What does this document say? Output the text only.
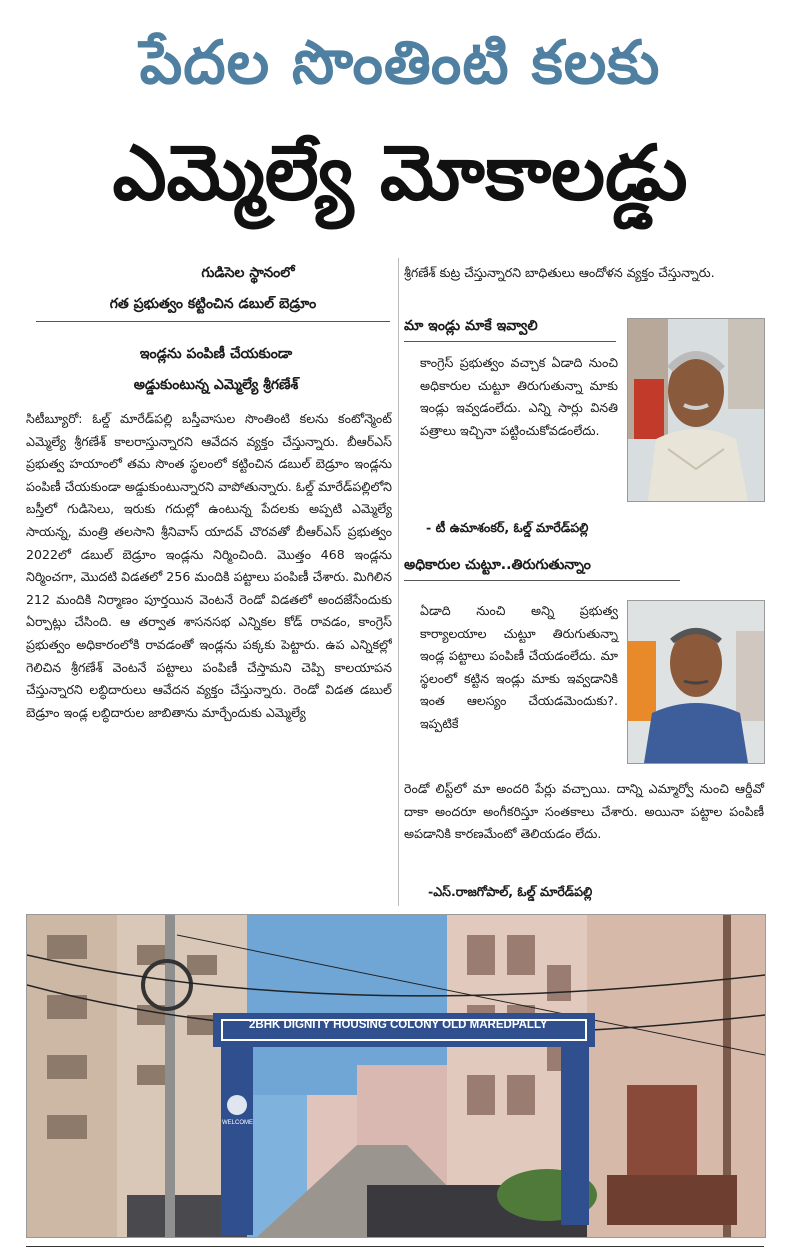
పేదల సొంతింటి కలకు
ఎమ్మెల్యే మోకాలడ్డు
గుడిసెల స్థానంలో
గత ప్రభుత్వం కట్టించిన డబుల్ బెడ్రూం
ఇండ్లను పంపిణీ చేయకుండా
అడ్డుకుంటున్న ఎమ్మెల్యే శ్రీగణేశ్

సిటీబ్యూరో: ఓల్డ్ మారేడ్‌పల్లి బస్తీవాసుల సొంతింటి కలను కంటోన్మెంట్ ఎమ్మెల్యే శ్రీగణేశ్ కాలరాస్తున్నారని ఆవేదన వ్యక్తం చేస్తున్నారు. బీఆర్ఎస్ ప్రభుత్వ హయాంలో తమ సొంత స్థలంలో కట్టించిన డబుల్ బెడ్రూం ఇండ్లను పంపిణీ చేయకుండా అడ్డుకుంటున్నారని వాపోతున్నారు. ఓల్డ్ మారేడ్‌పల్లిలోని బస్తీలో గుడిసెలు, ఇరుకు గదుల్లో ఉంటున్న పేదలకు అప్పటి ఎమ్మెల్యే సాయన్న, మంత్రి తలసాని శ్రీనివాస్ యాదవ్ చొరవతో బీఆర్ఎస్ ప్రభుత్వం 2022లో డబుల్ బెడ్రూం ఇండ్లను నిర్మించింది. మొత్తం 468 ఇండ్లను నిర్మించగా, మొదటి విడతలో 256 మందికి పట్టాలు పంపిణీ చేశారు. మిగిలిన 212 మందికి నిర్మాణం పూర్తయిన వెంటనే రెండో విడతలో అందజేసేందుకు ఏర్పాట్లు చేసింది. ఆ తర్వాత శాసనసభ ఎన్నికల కోడ్ రావడం, కాంగ్రెస్ ప్రభుత్వం అధికారంలోకి రావడంతో ఇండ్లను పక్కకు పెట్టారు. ఉప ఎన్నికల్లో గెలిచిన శ్రీగణేశ్ వెంటనే పట్టాలు పంపిణీ చేస్తామని చెప్పి కాలయాపన చేస్తున్నారని లబ్ధిదారులు ఆవేదన వ్యక్తం చేస్తున్నారు. రెండో విడత డబుల్ బెడ్రూం ఇండ్ల లబ్ధిదారుల జాబితాను మార్చేందుకు ఎమ్మెల్యే

శ్రీగణేశ్ కుట్ర చేస్తున్నారని బాధితులు ఆందోళన వ్యక్తం చేస్తున్నారు.
మా ఇండ్లు మాకే ఇవ్వాలి
కాంగ్రెస్ ప్రభుత్వం వచ్చాక ఏడాది నుంచి అధికారుల చుట్టూ తిరుగుతున్నా మాకు ఇండ్లు ఇవ్వడంలేదు. ఎన్ని సార్లు వినతి పత్రాలు ఇచ్చినా పట్టించుకోవడంలేదు.
- టీ ఉమాశంకర్, ఓల్డ్ మారేడ్‌పల్లి
అధికారుల చుట్టూ..తిరుగుతున్నాం
ఏడాది నుంచి అన్ని ప్రభుత్వ కార్యాలయాల చుట్టూ తిరుగుతున్నా ఇండ్ల పట్టాలు పంపిణీ చేయడంలేదు. మా స్థలంలో కట్టిన ఇండ్లు మాకు ఇవ్వడానికి ఇంత ఆలస్యం చేయడమెందుకు?. ఇప్పటికే
రెండో లిస్ట్‌లో మా అందరి పేర్లు వచ్చాయి. దాన్ని ఎమ్మార్వో నుంచి ఆర్డీవో దాకా అందరూ అంగీకరిస్తూ సంతకాలు చేశారు. అయినా పట్టాల పంపిణీ అపడానికి కారణమేంటో తెలియడం లేదు.
-ఎస్.రాజగోపాల్, ఓల్డ్ మారేడ్‌పల్లి
2BHK DIGNITY HOUSING COLONY OLD MAREDPALLY
WELCOME
